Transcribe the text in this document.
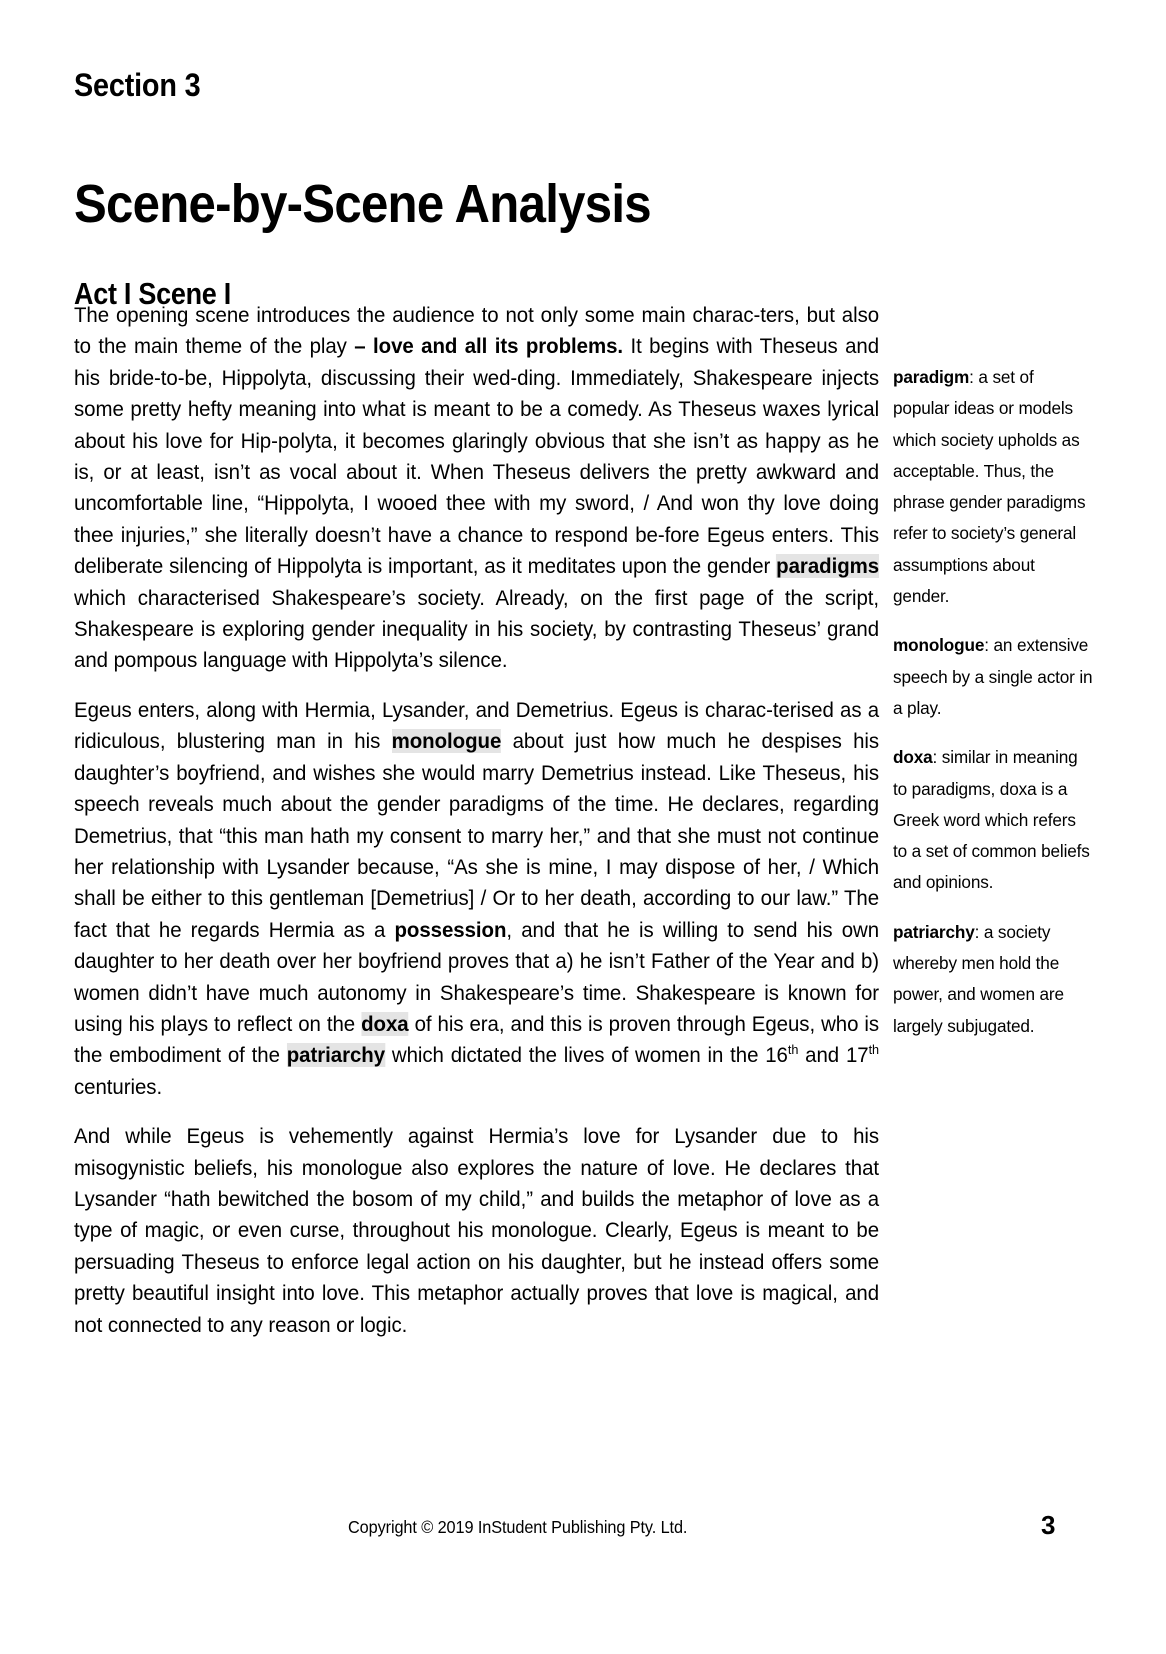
Section 3
Scene-by-Scene Analysis
Act I Scene I

The opening scene introduces the audience to not only some main charac-ters, but also to the main theme of the play – love and all its problems. It begins with Theseus and his bride-to-be, Hippolyta, discussing their wed-ding. Immediately, Shakespeare injects some pretty hefty meaning into what is meant to be a comedy. As Theseus waxes lyrical about his love for Hip-polyta, it becomes glaringly obvious that she isn’t as happy as he is, or at least, isn’t as vocal about it. When Theseus delivers the pretty awkward and uncomfortable line, “Hippolyta, I wooed thee with my sword, / And won thy love doing thee injuries,” she literally doesn’t have a chance to respond be-fore Egeus enters. This deliberate silencing of Hippolyta is important, as it meditates upon the gender paradigms which characterised Shakespeare’s society. Already, on the first page of the script, Shakespeare is exploring gender inequality in his society, by contrasting Theseus’ grand and pompous language with Hippolyta’s silence.

Egeus enters, along with Hermia, Lysander, and Demetrius. Egeus is charac-terised as a ridiculous, blustering man in his monologue about just how much he despises his daughter’s boyfriend, and wishes she would marry Demetrius instead. Like Theseus, his speech reveals much about the gender paradigms of the time. He declares, regarding Demetrius, that “this man hath my consent to marry her,” and that she must not continue her relationship with Lysander because, “As she is mine, I may dispose of her, / Which shall be either to this gentleman [Demetrius] / Or to her death, according to our law.” The fact that he regards Hermia as a possession, and that he is willing to send his own daughter to her death over her boyfriend proves that a) he isn’t Father of the Year and b) women didn’t have much autonomy in Shakespeare’s time. Shakespeare is known for using his plays to reflect on the doxa of his era, and this is proven through Egeus, who is the embodiment of the patriarchy which dictated the lives of women in the 16th and 17th centuries.

And while Egeus is vehemently against Hermia’s love for Lysander due to his misogynistic beliefs, his monologue also explores the nature of love. He declares that Lysander “hath bewitched the bosom of my child,” and builds the metaphor of love as a type of magic, or even curse, throughout his monologue. Clearly, Egeus is meant to be persuading Theseus to enforce legal action on his daughter, but he instead offers some pretty beautiful insight into love. This metaphor actually proves that love is magical, and not connected to any reason or logic.

paradigm: a set of popular ideas or models which society upholds as acceptable. Thus, the phrase gender paradigms refer to society’s general assumptions about gender.
monologue: an extensive speech by a single actor in a play.
doxa: similar in meaning to paradigms, doxa is a Greek word which refers to a set of common beliefs and opinions.
patriarchy: a society whereby men hold the power, and women are largely subjugated.
Copyright © 2019 InStudent Publishing Pty. Ltd.	3
